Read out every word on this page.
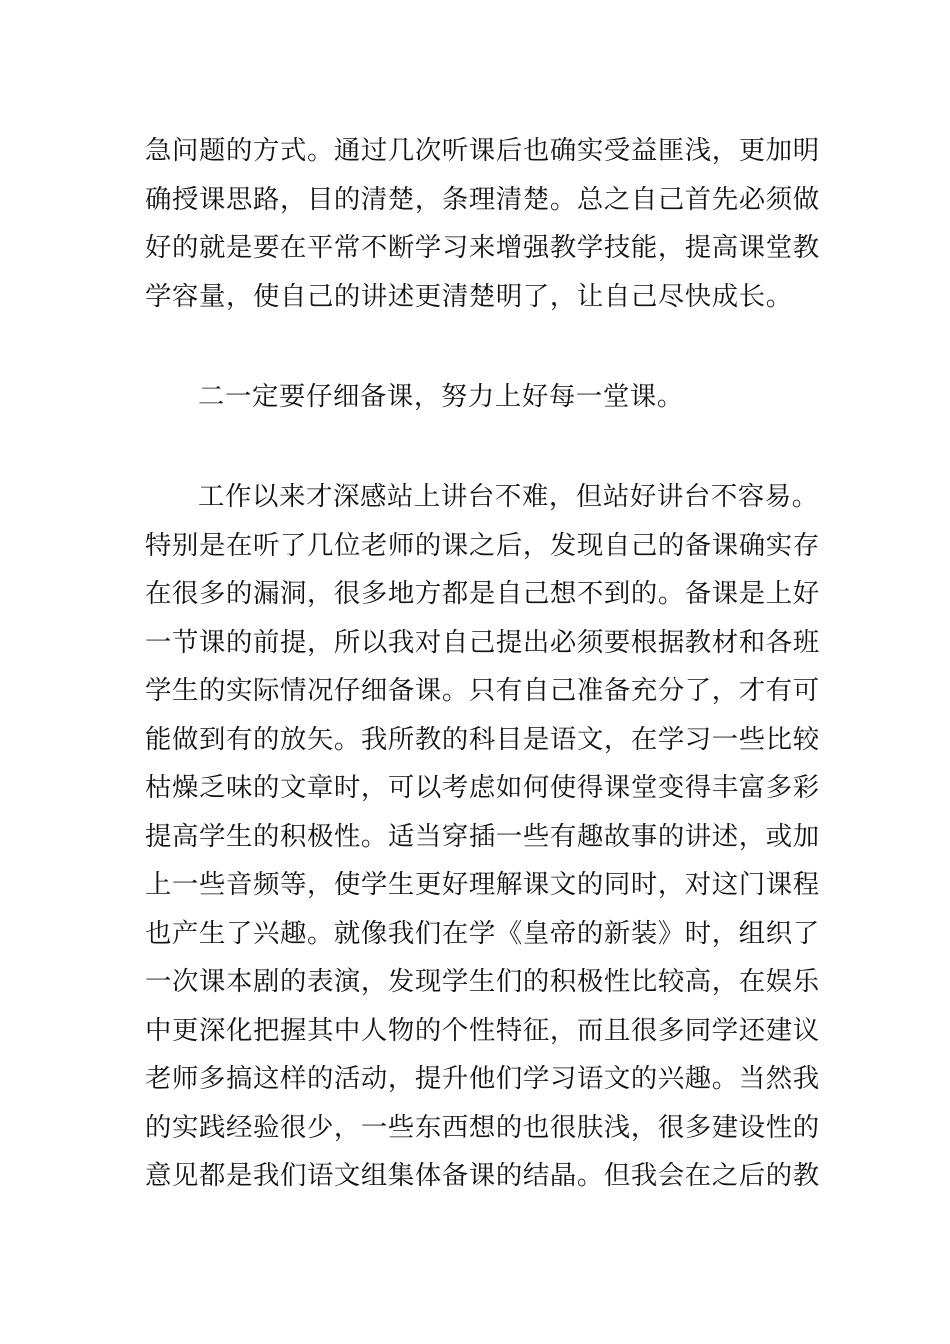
急问题的方式。通过几次听课后也确实受益匪浅，更加明
确授课思路，目的清楚，条理清楚。总之自己首先必须做
好的就是要在平常不断学习来增强教学技能，提高课堂教
学容量，使自己的讲述更清楚明了，让自己尽快成长。
二一定要仔细备课，努力上好每一堂课。
工作以来才深感站上讲台不难，但站好讲台不容易。
特别是在听了几位老师的课之后，发现自己的备课确实存
在很多的漏洞，很多地方都是自己想不到的。备课是上好
一节课的前提，所以我对自己提出必须要根据教材和各班
学生的实际情况仔细备课。只有自己准备充分了，才有可
能做到有的放矢。我所教的科目是语文，在学习一些比较
枯燥乏味的文章时，可以考虑如何使得课堂变得丰富多彩
提高学生的积极性。适当穿插一些有趣故事的讲述，或加
上一些音频等，使学生更好理解课文的同时，对这门课程
也产生了兴趣。就像我们在学《皇帝的新装》时，组织了
一次课本剧的表演，发现学生们的积极性比较高，在娱乐
中更深化把握其中人物的个性特征，而且很多同学还建议
老师多搞这样的活动，提升他们学习语文的兴趣。当然我
的实践经验很少，一些东西想的也很肤浅，很多建设性的
意见都是我们语文组集体备课的结晶。但我会在之后的教
